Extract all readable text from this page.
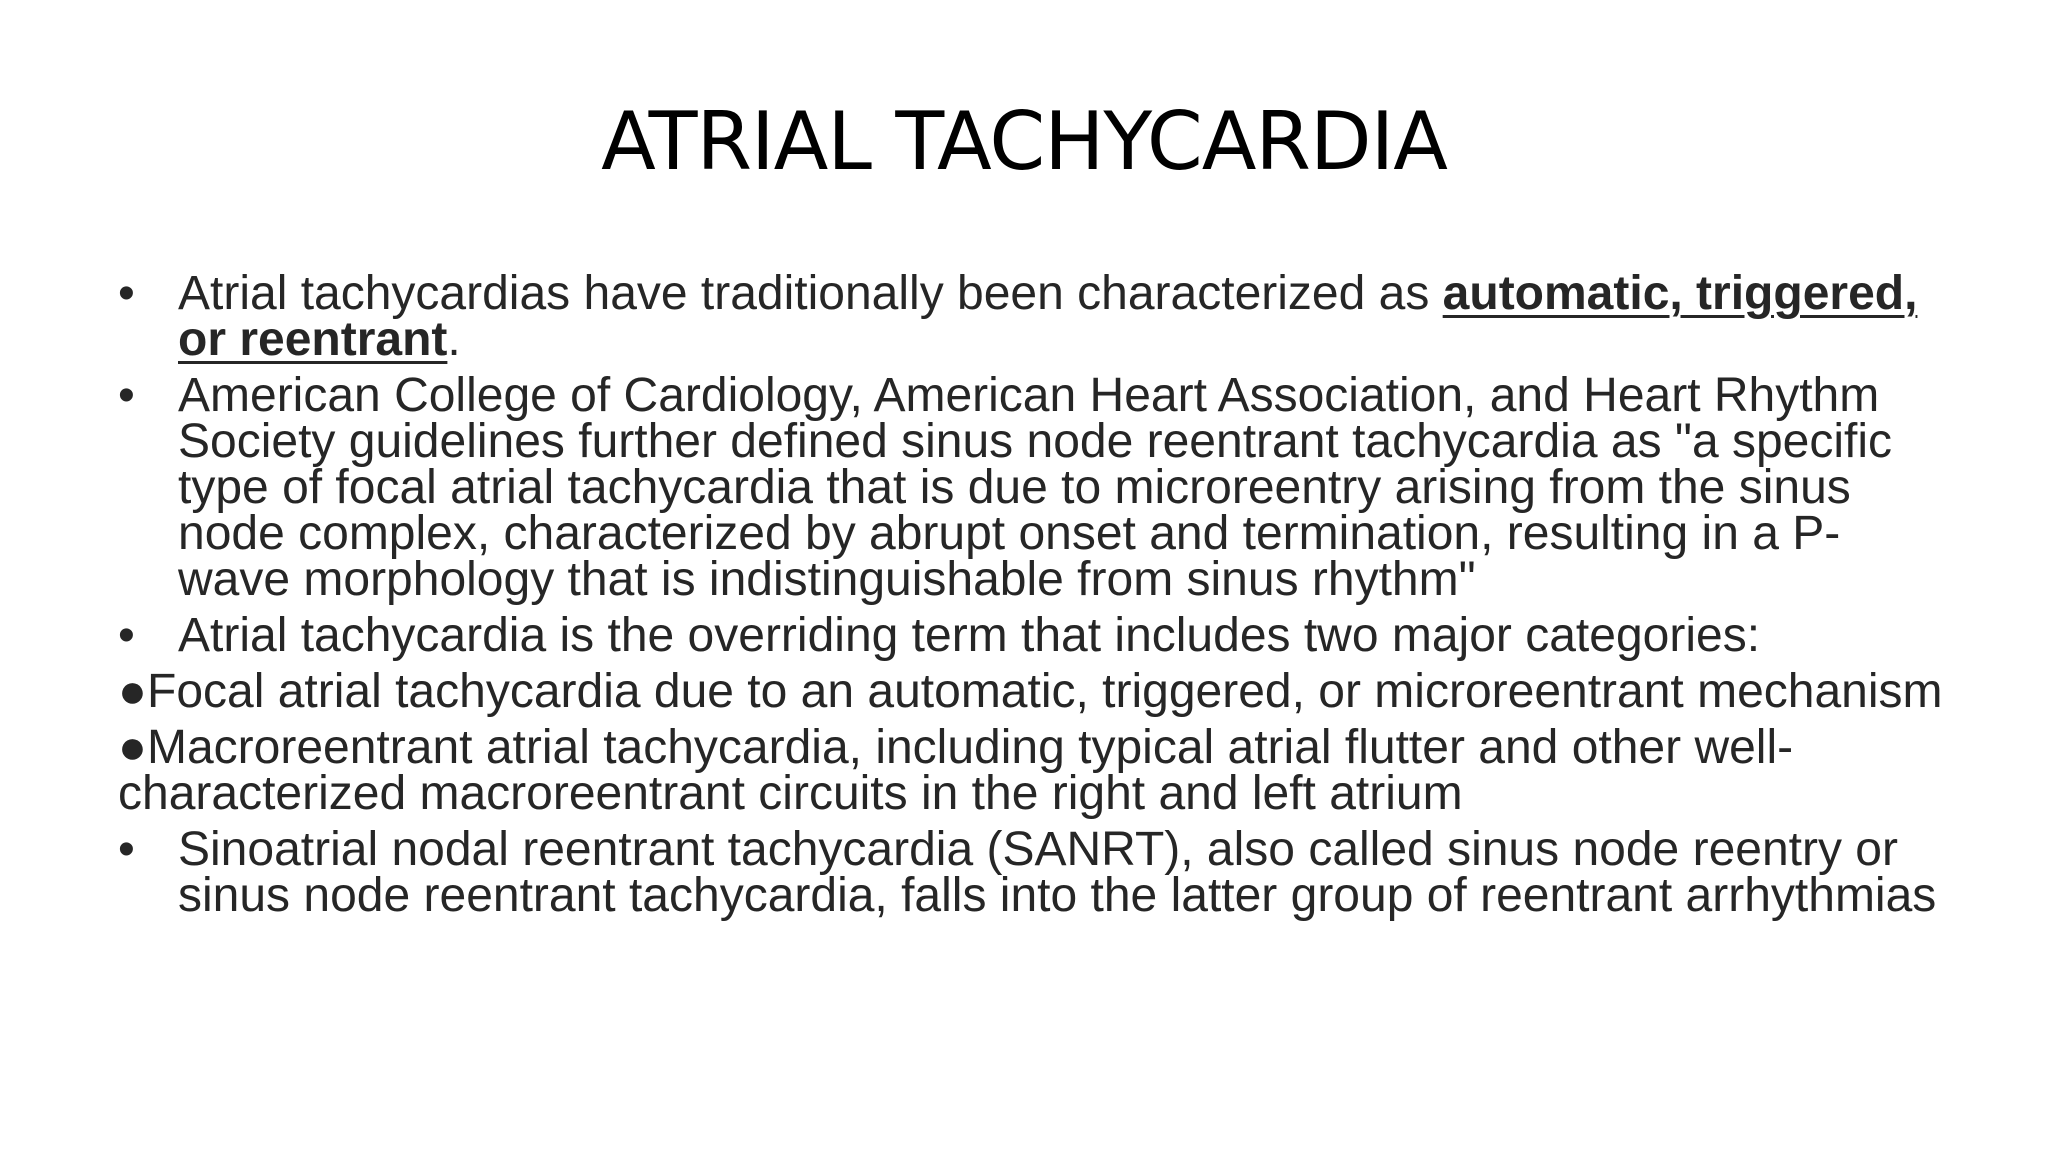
ATRIAL TACHYCARDIA
• Atrial tachycardias have traditionally been characterized as automatic, triggered, or reentrant.
• American College of Cardiology, American Heart Association, and Heart Rhythm Society guidelines further defined sinus node reentrant tachycardia as "a specific type of focal atrial tachycardia that is due to microreentry arising from the sinus node complex, characterized by abrupt onset and termination, resulting in a P-wave morphology that is indistinguishable from sinus rhythm"
• Atrial tachycardia is the overriding term that includes two major categories:
●Focal atrial tachycardia due to an automatic, triggered, or microreentrant mechanism
●Macroreentrant atrial tachycardia, including typical atrial flutter and other well-characterized macroreentrant circuits in the right and left atrium
• Sinoatrial nodal reentrant tachycardia (SANRT), also called sinus node reentry or sinus node reentrant tachycardia, falls into the latter group of reentrant arrhythmias
